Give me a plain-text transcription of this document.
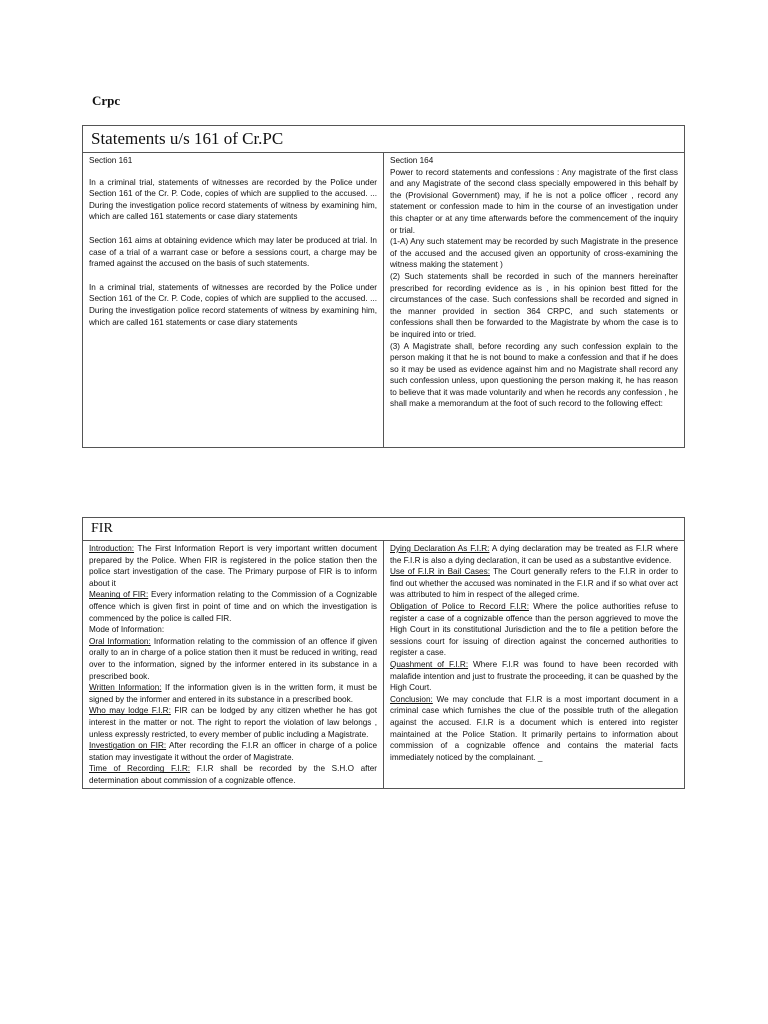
Crpc
Statements u/s 161 of Cr.PC

Section 161

In a criminal trial, statements of witnesses are recorded by the Police under Section 161 of the Cr. P. Code, copies of which are supplied to the accused. ... During the investigation police record statements of witness by examining him, which are called 161 statements or case diary statements

Section 161 aims at obtaining evidence which may later be produced at trial. In case of a trial of a warrant case or before a sessions court, a charge may be framed against the accused on the basis of such statements.

In a criminal trial, statements of witnesses are recorded by the Police under Section 161 of the Cr. P. Code, copies of which are supplied to the accused. ... During the investigation police record statements of witness by examining him, which are called 161 statements or case diary statements

Section 164

Power to record statements and confessions : Any magistrate of the first class and any Magistrate of the second class specially empowered in this behalf by the (Provisional Government) may, if he is not a police officer , record any statement or confession made to him in the course of an investigation under this chapter or at any time afterwards before the commencement of the inquiry or trial.

(1-A) Any such statement may be recorded by such Magistrate in the presence of the accused and the accused given an opportunity of cross-examining the witness making the statement )

(2) Such statements shall be recorded in such of the manners hereinafter prescribed for recording evidence as is , in his opinion best fitted for the circumstances of the case. Such confessions shall be recorded and signed in the manner provided in section 364 CRPC, and such statements or confessions shall then be forwarded to the Magistrate by whom the case is to be inquired into or tried.

(3) A Magistrate shall, before recording any such confession explain to the person making it that he is not bound to make a confession and that if he does so it may be used as evidence against him and no Magistrate shall record any such confession unless, upon questioning the person making it, he has reason to believe that it was made voluntarily and when he records any confession , he shall make a memorandum at the foot of such record to the following effect:

FIR

Introduction: The First Information Report is very important written document prepared by the Police. When FIR is registered in the police station then the police start investigation of the case. The Primary purpose of FIR is to inform about it

Meaning of FIR: Every information relating to the Commission of a Cognizable offence which is given first in point of time and on which the investigation is commenced by the police is called FIR.

Mode of Information:

Oral Information: Information relating to the commission of an offence if given orally to an in charge of a police station then it must be reduced in writing, read over to the information, signed by the informer entered in its substance in a prescribed book.

Written Information: If the information given is in the written form, it must be signed by the informer and entered in its substance in a prescribed book.

Who may lodge F.I.R: FIR can be lodged by any citizen whether he has got interest in the matter or not. The right to report the violation of law belongs , unless expressly restricted, to every member of public including a Magistrate.

Investigation on FIR: After recording the F.I.R an officer in charge of a police station may investigate it without the order of Magistrate.

Time of Recording F.I.R: F.I.R shall be recorded by the S.H.O after determination about commission of a cognizable offence.

Dying Declaration As F.I.R: A dying declaration may be treated as F.I.R where the F.I.R is also a dying declaration, it can be used as a substantive evidence.

Use of F.I.R in Bail Cases: The Court generally refers to the F.I.R in order to find out whether the accused was nominated in the F.I.R and if so what over act was attributed to him in respect of the alleged crime.

Obligation of Police to Record F.I.R: Where the police authorities refuse to register a case of a cognizable offence than the person aggrieved to move the High Court in its constitutional Jurisdiction and the to file a petition before the sessions court for issuing of direction against the concerned authorities to register a case.

Quashment of F.I.R: Where F.I.R was found to have been recorded with malafide intention and just to frustrate the proceeding, it can be quashed by the High Court.

Conclusion: We may conclude that F.I.R is a most important document in a criminal case which furnishes the clue of the possible truth of the allegation against the accused. F.I.R is a document which is entered into register maintained at the Police Station. It primarily pertains to information about commission of a cognizable offence and contains the material facts immediately noticed by the complainant. _
